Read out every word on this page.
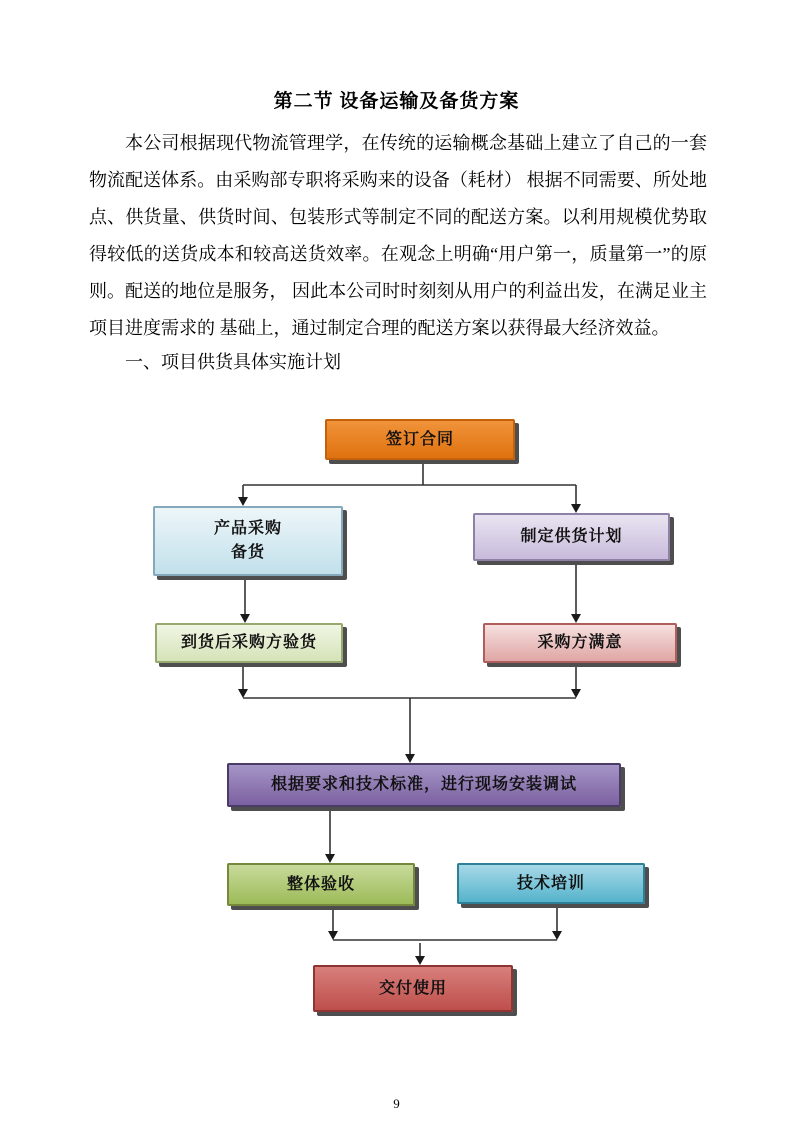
第二节 设备运输及备货方案

本公司根据现代物流管理学，在传统的运输概念基础上建立了自己的一套物流配送体系。由采购部专职将采购来的设备（耗材） 根据不同需要、所处地点、供货量、供货时间、包装形式等制定不同的配送方案。以利用规模优势取得较低的送货成本和较高送货效率。在观念上明确“用户第一，质量第一”的原则。配送的地位是服务， 因此本公司时时刻刻从用户的利益出发，在满足业主项目进度需求的 基础上，通过制定合理的配送方案以获得最大经济效益。

一、项目供货具体实施计划

签订合同
产品采购
备货
制定供货计划
到货后采购方验货	采购方满意
根据要求和技术标准，进行现场安装调试
整体验收	技术培训
交付使用
9
